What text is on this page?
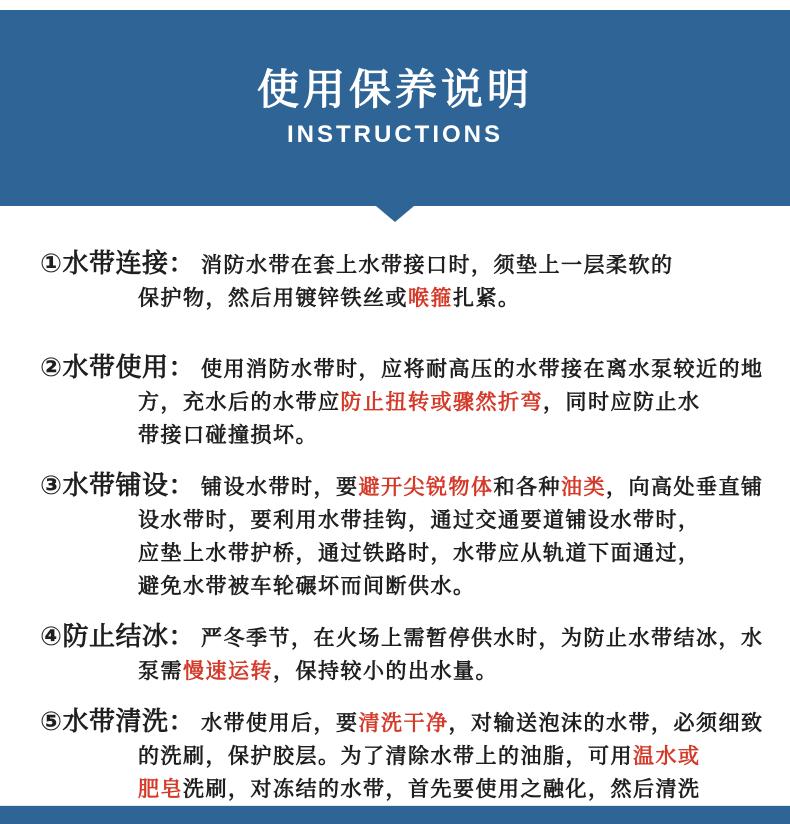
使用保养说明
INSTRUCTIONS
①水带连接： 消防水带在套上水带接口时，须垫上一层柔软的
保护物，然后用镀锌铁丝或喉箍扎紧。
②水带使用： 使用消防水带时，应将耐高压的水带接在离水泵较近的地
方，充水后的水带应防止扭转或骤然折弯，同时应防止水
带接口碰撞损坏。
③水带铺设： 铺设水带时，要避开尖锐物体和各种油类，向高处垂直铺
设水带时，要利用水带挂钩，通过交通要道铺设水带时，
应垫上水带护桥，通过铁路时，水带应从轨道下面通过，
避免水带被车轮碾坏而间断供水。
④防止结冰： 严冬季节，在火场上需暂停供水时，为防止水带结冰，水
泵需慢速运转，保持较小的出水量。
⑤水带清洗： 水带使用后，要清洗干净，对输送泡沫的水带，必须细致
的洗刷，保护胶层。为了清除水带上的油脂，可用温水或
肥皂洗刷，对冻结的水带，首先要使用之融化，然后清洗
